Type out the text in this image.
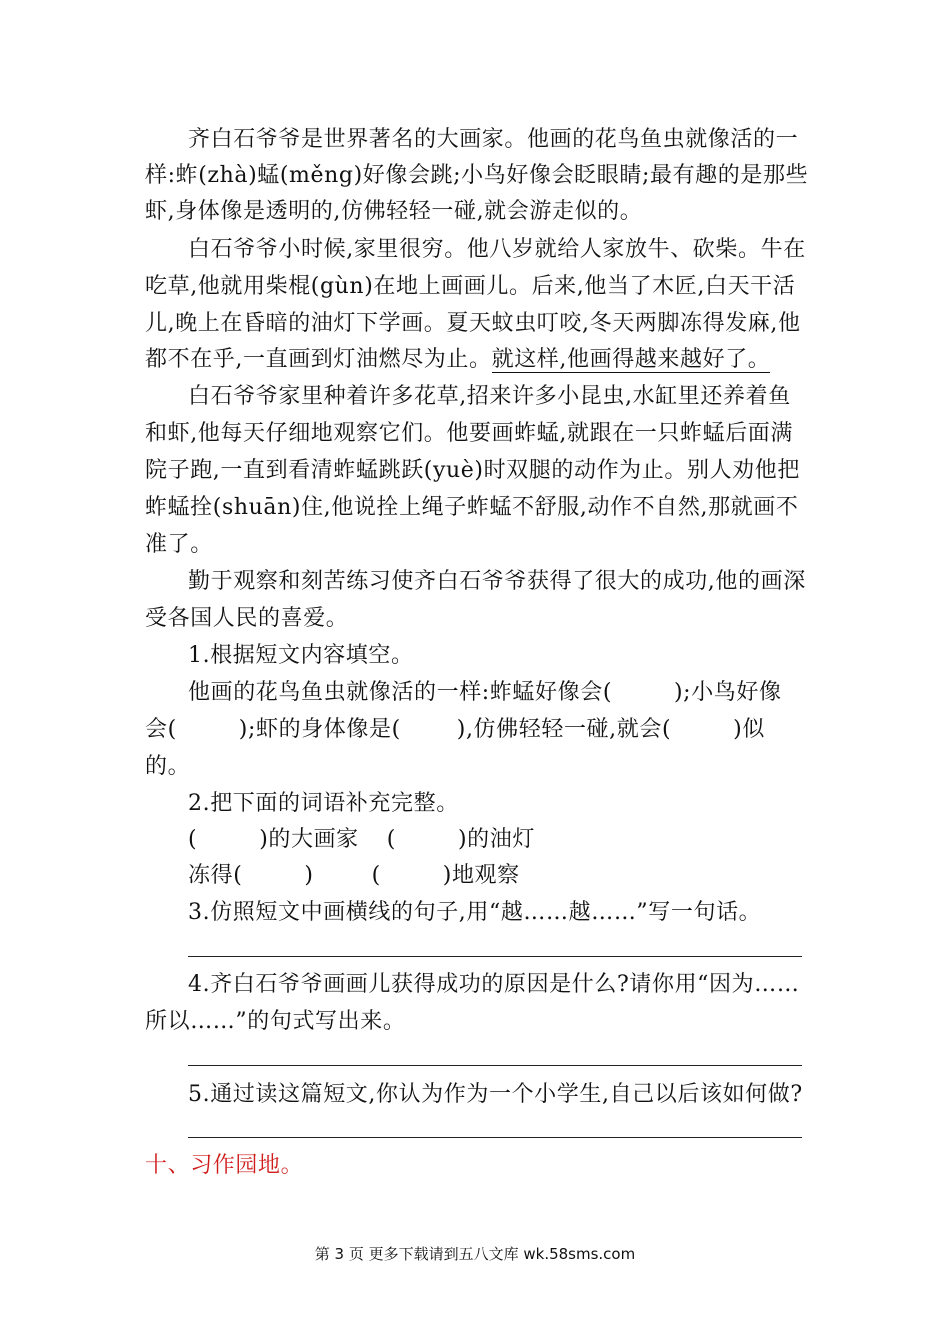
齐白石爷爷是世界著名的大画家。他画的花鸟鱼虫就像活的一
样:蚱(zhà)蜢(měng)好像会跳;小鸟好像会眨眼睛;最有趣的是那些
虾,身体像是透明的,仿佛轻轻一碰,就会游走似的。
白石爷爷小时候,家里很穷。他八岁就给人家放牛、砍柴。牛在
吃草,他就用柴棍(gùn)在地上画画儿。后来,他当了木匠,白天干活
儿,晚上在昏暗的油灯下学画。夏天蚊虫叮咬,冬天两脚冻得发麻,他
都不在乎,一直画到灯油燃尽为止。就这样,他画得越来越好了。
白石爷爷家里种着许多花草,招来许多小昆虫,水缸里还养着鱼
和虾,他每天仔细地观察它们。他要画蚱蜢,就跟在一只蚱蜢后面满
院子跑,一直到看清蚱蜢跳跃(yuè)时双腿的动作为止。别人劝他把
蚱蜢拴(shuān)住,他说拴上绳子蚱蜢不舒服,动作不自然,那就画不
准了。
勤于观察和刻苦练习使齐白石爷爷获得了很大的成功,他的画深
受各国人民的喜爱。
1.根据短文内容填空。
他画的花鸟鱼虫就像活的一样:蚱蜢好像会(	);小鸟好像
会(	);虾的身体像是(	),仿佛轻轻一碰,就会(	)似
的。
2.把下面的词语补充完整。
(	)的大画家 (	)的油灯
冻得(	)	(	)地观察
3.仿照短文中画横线的句子,用“越……越……”写一句话。
4.齐白石爷爷画画儿获得成功的原因是什么?请你用“因为……
所以……”的句式写出来。
5.通过读这篇短文,你认为作为一个小学生,自己以后该如何做?
十、习作园地。
第 3 页 更多下载请到五八文库 wk.58sms.com
